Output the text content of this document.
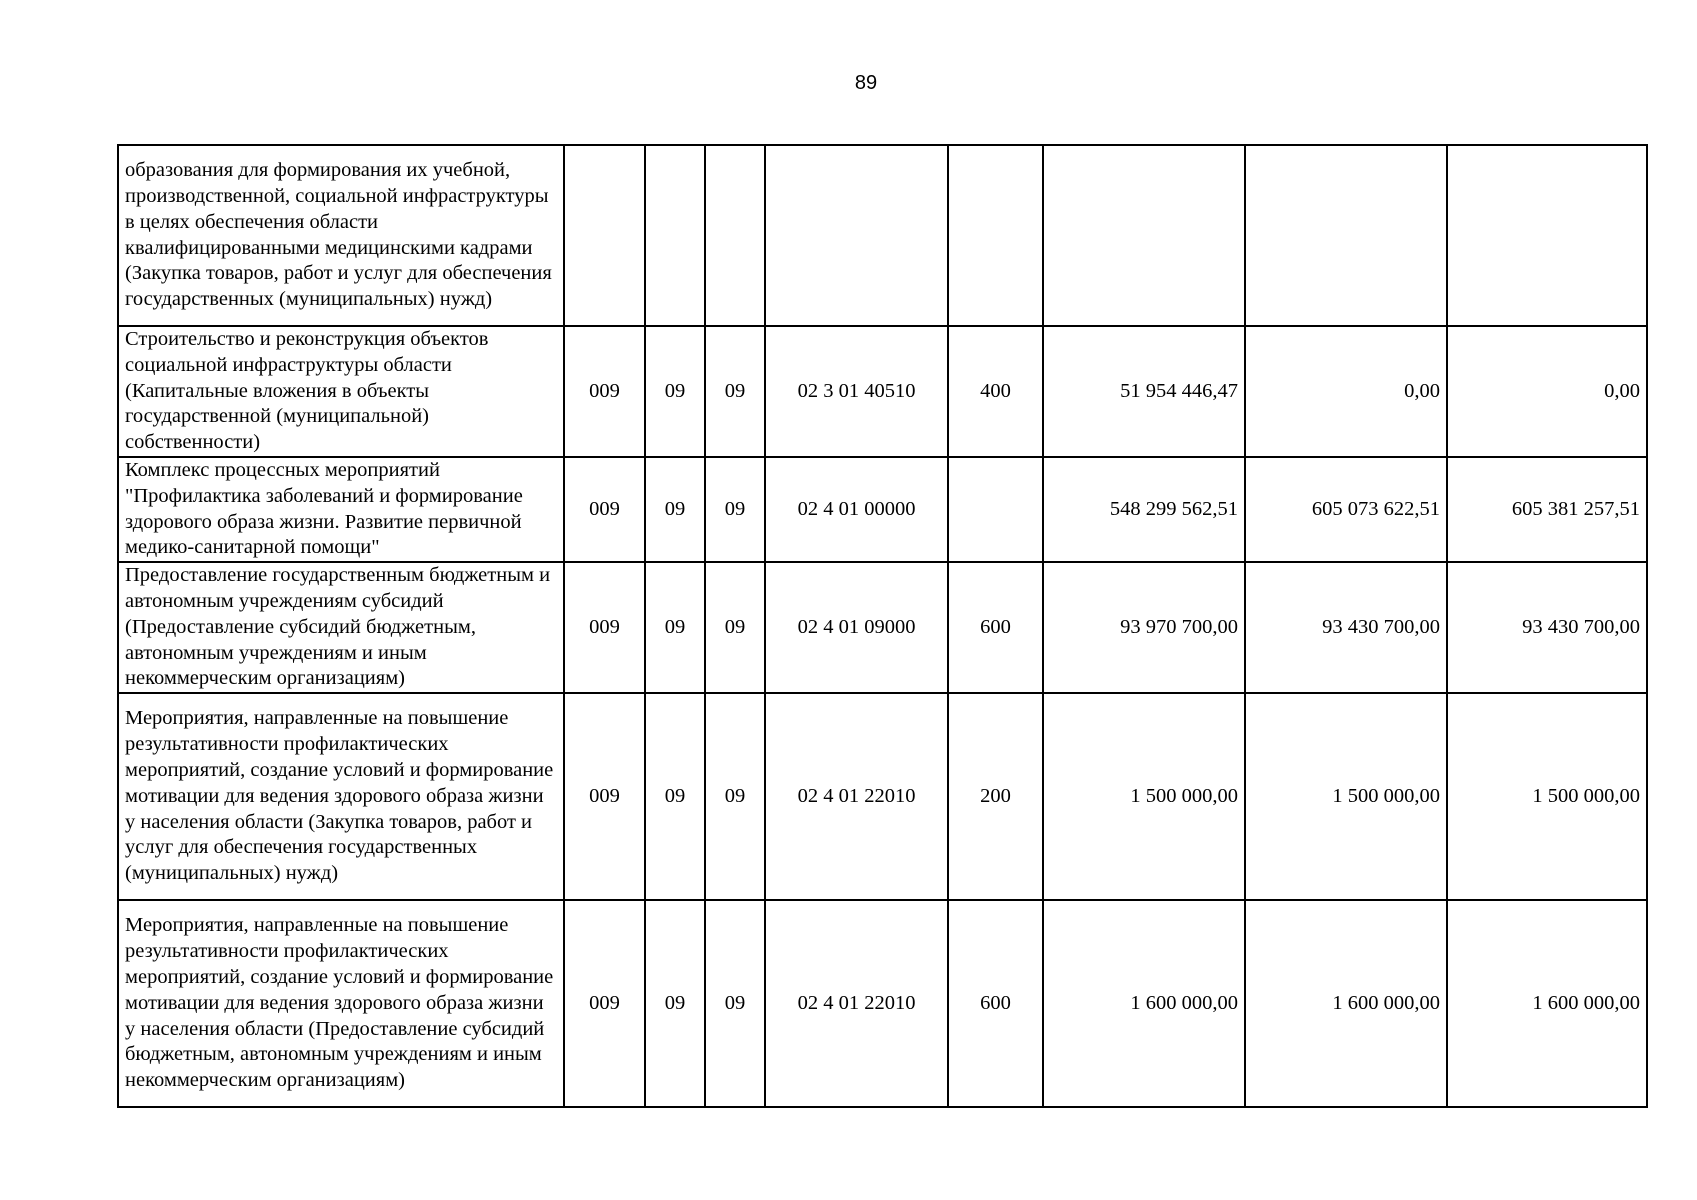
89
образования для формирования их учебной, производственной, социальной инфраструктуры в целях обеспечения области квалифицированными медицинскими кадрами (Закупка товаров, работ и услуг для обеспечения государственных (муниципальных) нужд)								
Строительство и реконструкция объектов социальной инфраструктуры области (Капитальные вложения в объекты государственной (муниципальной) собственности)	009	09	09	02 3 01 40510	400	51 954 446,47	0,00	0,00
Комплекс процессных мероприятий "Профилактика заболеваний и формирование здорового образа жизни. Развитие первичной медико-санитарной помощи"	009	09	09	02 4 01 00000		548 299 562,51	605 073 622,51	605 381 257,51
Предоставление государственным бюджетным и автономным учреждениям субсидий (Предоставление субсидий бюджетным, автономным учреждениям и иным некоммерческим организациям)	009	09	09	02 4 01 09000	600	93 970 700,00	93 430 700,00	93 430 700,00
Мероприятия, направленные на повышение результативности профилактических мероприятий, создание условий и формирование мотивации для ведения здорового образа жизни у населения области (Закупка товаров, работ и услуг для обеспечения государственных (муниципальных) нужд)	009	09	09	02 4 01 22010	200	1 500 000,00	1 500 000,00	1 500 000,00
Мероприятия, направленные на повышение результативности профилактических мероприятий, создание условий и формирование мотивации для ведения здорового образа жизни у населения области (Предоставление субсидий бюджетным, автономным учреждениям и иным некоммерческим организациям)	009	09	09	02 4 01 22010	600	1 600 000,00	1 600 000,00	1 600 000,00
